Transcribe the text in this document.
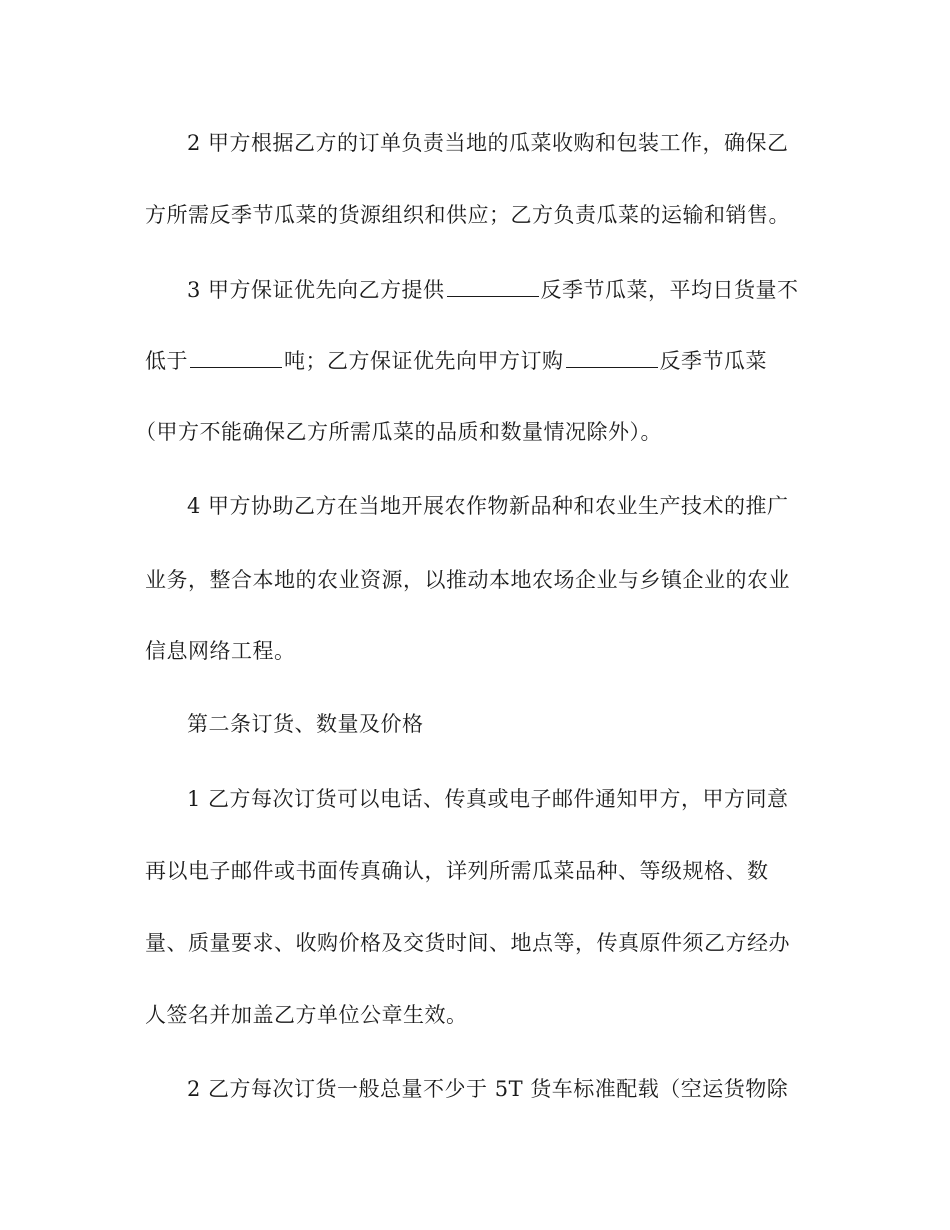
2 甲方根据乙方的订单负责当地的瓜菜收购和包装工作，确保乙
方所需反季节瓜菜的货源组织和供应；乙方负责瓜菜的运输和销售。
3 甲方保证优先向乙方提供	反季节瓜菜，平均日货量不
低于	吨；乙方保证优先向甲方订购	反季节瓜菜
（甲方不能确保乙方所需瓜菜的品质和数量情况除外）。
4 甲方协助乙方在当地开展农作物新品种和农业生产技术的推广
业务，整合本地的农业资源，以推动本地农场企业与乡镇企业的农业
信息网络工程。
第二条订货、数量及价格
1 乙方每次订货可以电话、传真或电子邮件通知甲方，甲方同意
再以电子邮件或书面传真确认，详列所需瓜菜品种、等级规格、数
量、质量要求、收购价格及交货时间、地点等，传真原件须乙方经办
人签名并加盖乙方单位公章生效。
2 乙方每次订货一般总量不少于 5T 货车标准配载（空运货物除
